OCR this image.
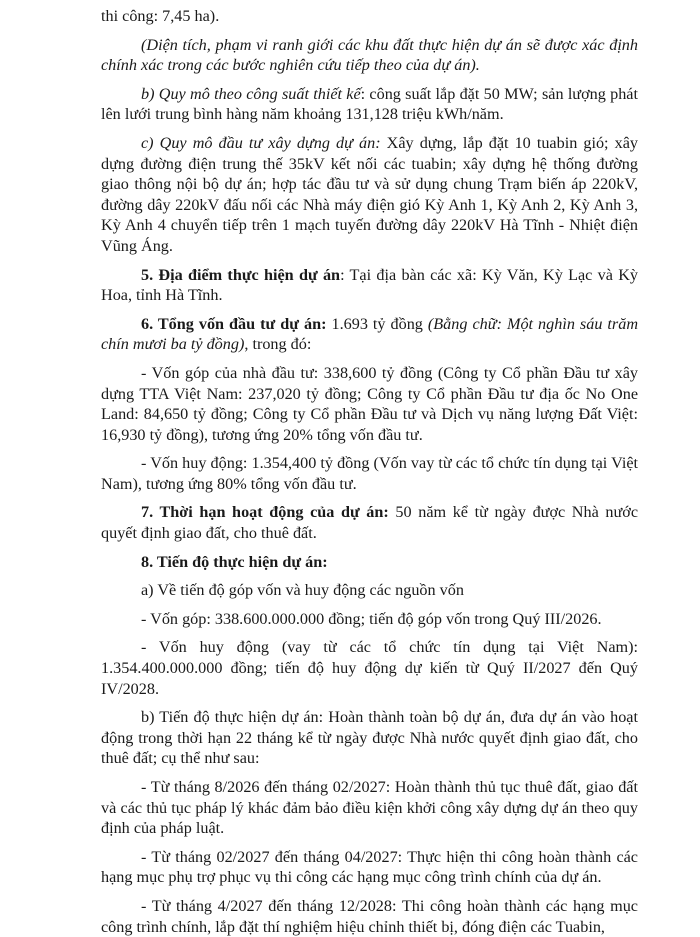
thi công: 7,45 ha).

(Diện tích, phạm vi ranh giới các khu đất thực hiện dự án sẽ được xác định chính xác trong các bước nghiên cứu tiếp theo của dự án).

b) Quy mô theo công suất thiết kế: công suất lắp đặt 50 MW; sản lượng phát lên lưới trung bình hàng năm khoảng 131,128 triệu kWh/năm.

c) Quy mô đầu tư xây dựng dự án: Xây dựng, lắp đặt 10 tuabin gió; xây dựng đường điện trung thế 35kV kết nối các tuabin; xây dựng hệ thống đường giao thông nội bộ dự án; hợp tác đầu tư và sử dụng chung Trạm biến áp 220kV, đường dây 220kV đấu nối các Nhà máy điện gió Kỳ Anh 1, Kỳ Anh 2, Kỳ Anh 3, Kỳ Anh 4 chuyển tiếp trên 1 mạch tuyến đường dây 220kV Hà Tĩnh - Nhiệt điện Vũng Áng.

5. Địa điểm thực hiện dự án: Tại địa bàn các xã: Kỳ Văn, Kỳ Lạc và Kỳ Hoa, tỉnh Hà Tĩnh.

6. Tổng vốn đầu tư dự án: 1.693 tỷ đồng (Bằng chữ: Một nghìn sáu trăm chín mươi ba tỷ đồng), trong đó:

- Vốn góp của nhà đầu tư: 338,600 tỷ đồng (Công ty Cổ phần Đầu tư xây dựng TTA Việt Nam: 237,020 tỷ đồng; Công ty Cổ phần Đầu tư địa ốc No One Land: 84,650 tỷ đồng; Công ty Cổ phần Đầu tư và Dịch vụ năng lượng Đất Việt: 16,930 tỷ đồng), tương ứng 20% tổng vốn đầu tư.

- Vốn huy động: 1.354,400 tỷ đồng (Vốn vay từ các tổ chức tín dụng tại Việt Nam), tương ứng 80% tổng vốn đầu tư.

7. Thời hạn hoạt động của dự án: 50 năm kể từ ngày được Nhà nước quyết định giao đất, cho thuê đất.

8. Tiến độ thực hiện dự án:

a) Về tiến độ góp vốn và huy động các nguồn vốn

- Vốn góp: 338.600.000.000 đồng; tiến độ góp vốn trong Quý III/2026.

- Vốn huy động (vay từ các tổ chức tín dụng tại Việt Nam): 1.354.400.000.000 đồng; tiến độ huy động dự kiến từ Quý II/2027 đến Quý IV/2028.

b) Tiến độ thực hiện dự án: Hoàn thành toàn bộ dự án, đưa dự án vào hoạt động trong thời hạn 22 tháng kể từ ngày được Nhà nước quyết định giao đất, cho thuê đất; cụ thể như sau:

- Từ tháng 8/2026 đến tháng 02/2027: Hoàn thành thủ tục thuê đất, giao đất và các thủ tục pháp lý khác đảm bảo điều kiện khởi công xây dựng dự án theo quy định của pháp luật.

- Từ tháng 02/2027 đến tháng 04/2027: Thực hiện thi công hoàn thành các hạng mục phụ trợ phục vụ thi công các hạng mục công trình chính của dự án.

- Từ tháng 4/2027 đến tháng 12/2028: Thi công hoàn thành các hạng mục công trình chính, lắp đặt thí nghiệm hiệu chỉnh thiết bị, đóng điện các Tuabin,
